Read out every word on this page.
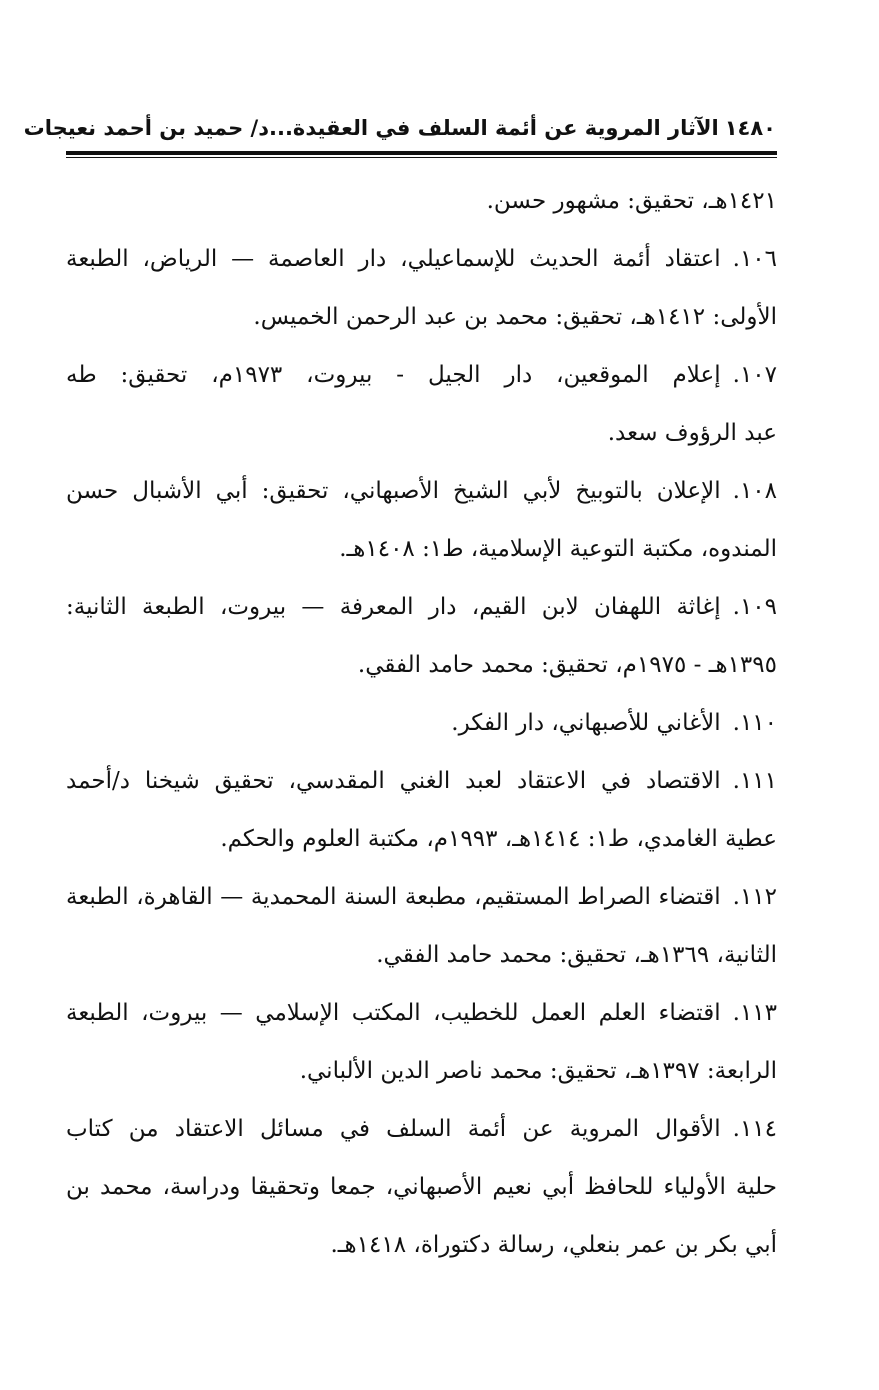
١٤٨٠الآثار المروية عن أئمة السلف في العقيدة...د/ حميد بن أحمد نعيجات
١٤٢١هـ، تحقيق: مشهور حسن.
١٠٦.اعتقاد أئمة الحديث للإسماعيلي، دار العاصمة — الرياض، الطبعة
الأولى: ١٤١٢هـ، تحقيق: محمد بن عبد الرحمن الخميس.
١٠٧.إعلام الموقعين، دار الجيل - بيروت، ١٩٧٣م، تحقيق: طه
عبد الرؤوف سعد.
١٠٨.الإعلان بالتوبيخ لأبي الشيخ الأصبهاني، تحقيق: أبي الأشبال حسن
المندوه، مكتبة التوعية الإسلامية، ط١: ١٤٠٨هـ.
١٠٩.إغاثة اللهفان لابن القيم، دار المعرفة — بيروت، الطبعة الثانية:
١٣٩٥هـ - ١٩٧٥م، تحقيق: محمد حامد الفقي.
١١٠.الأغاني للأصبهاني، دار الفكر.
١١١.الاقتصاد في الاعتقاد لعبد الغني المقدسي، تحقيق شيخنا د/أحمد
عطية الغامدي، ط١: ١٤١٤هـ، ١٩٩٣م، مكتبة العلوم والحكم.
١١٢.اقتضاء الصراط المستقيم، مطبعة السنة المحمدية — القاهرة، الطبعة
الثانية، ١٣٦٩هـ، تحقيق: محمد حامد الفقي.
١١٣.اقتضاء العلم العمل للخطيب، المكتب الإسلامي — بيروت، الطبعة
الرابعة: ١٣٩٧هـ، تحقيق: محمد ناصر الدين الألباني.
١١٤.الأقوال المروية عن أئمة السلف في مسائل الاعتقاد من كتاب
حلية الأولياء للحافظ أبي نعيم الأصبهاني، جمعا وتحقيقا ودراسة، محمد بن
أبي بكر بن عمر بنعلي، رسالة دكتوراة، ١٤١٨هـ.
